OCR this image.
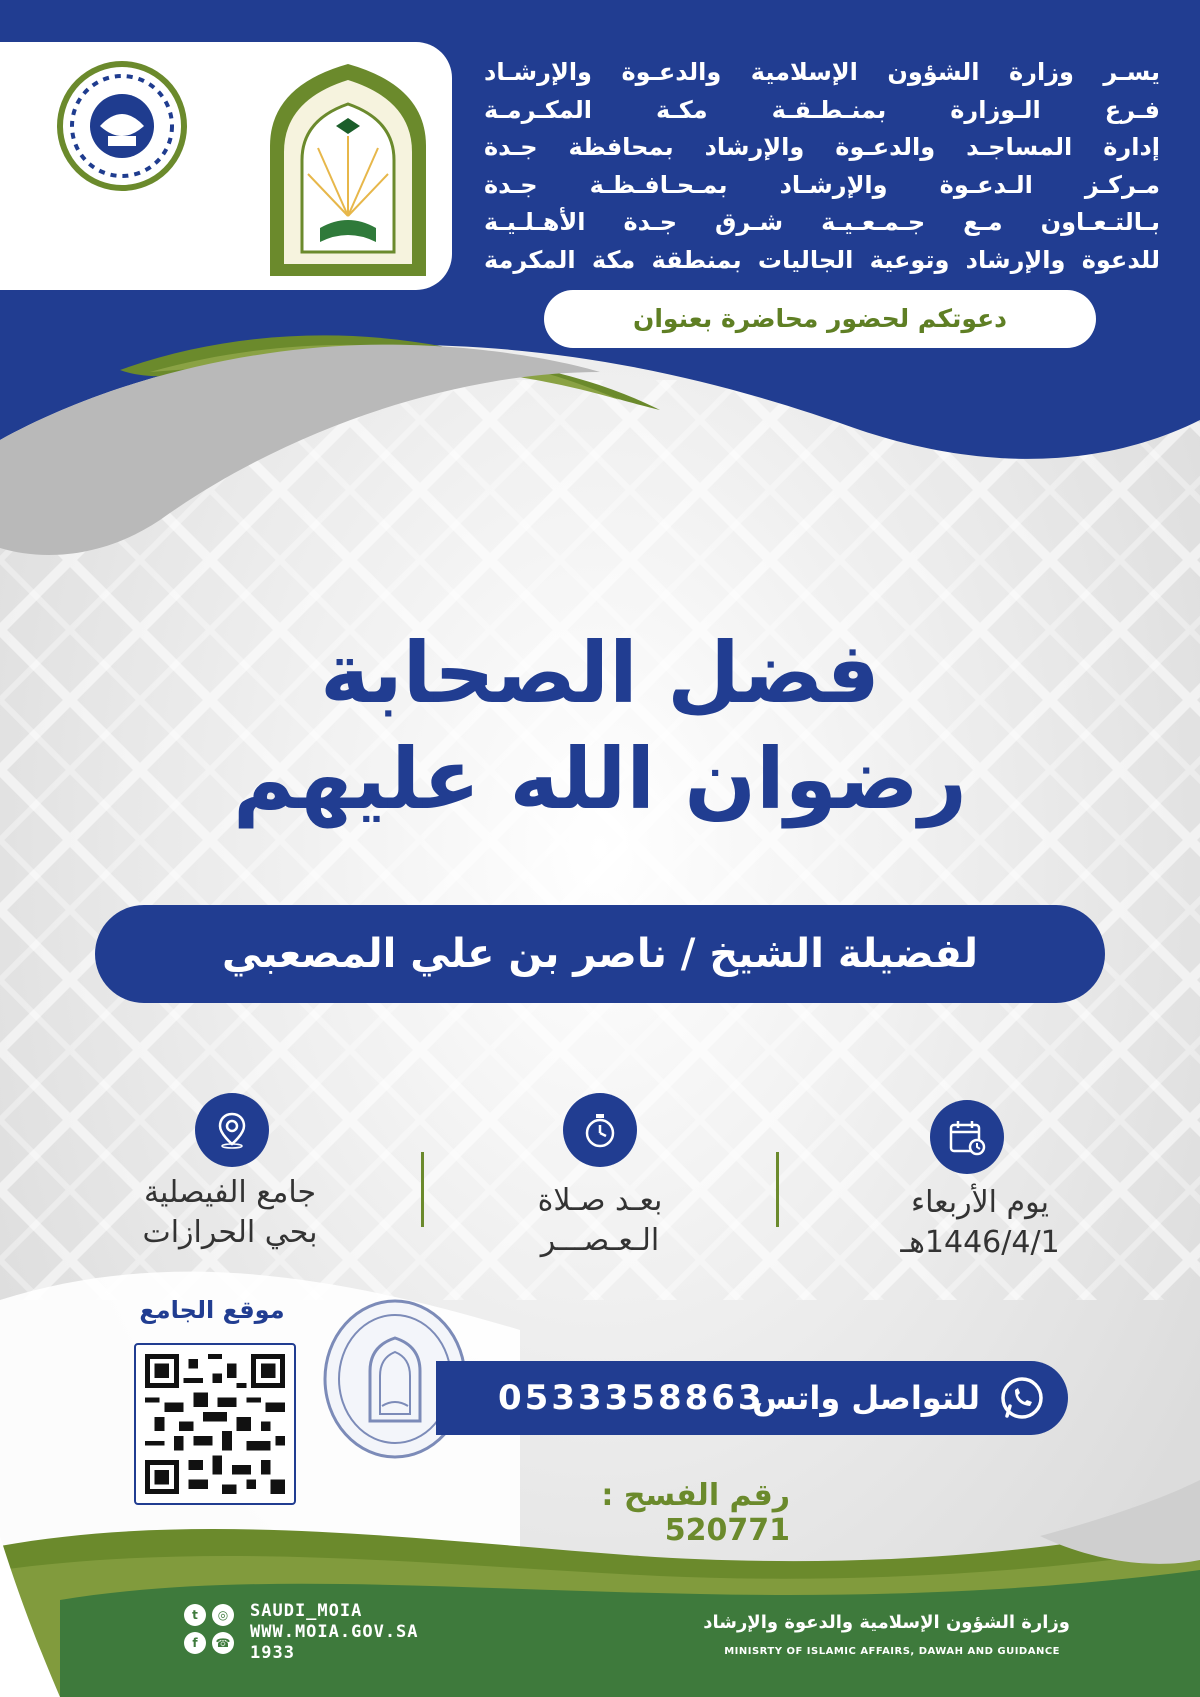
يسـر وزارة الشؤون الإسلامية والدعـوة والإرشـاد
فـرع الـوزارة بمنـطـقـة مكـة المكـرمـة
إدارة المساجـد والدعـوة والإرشاد بمحافظة جـدة
مـركـز الـدعـوة والإرشـاد بمـحـافـظـة جـدة
بـالتـعـاون مـع جـمـعـيـة شـرق جـدة الأهـلـيـة
للدعوة والإرشاد وتوعية الجاليات بمنطقة مكة المكرمة
دعوتكم لحضور محاضرة بعنوان
فضل الصحابة
رضوان الله عليهم
لفضيلة الشيخ / ناصر بن علي المصعبي
يوم الأربعاء
1446/4/1هـ
بعـد صـلاة
الـعـصـــر
جامع الفيصلية
بحي الحرازات
موقع الجامع
للتواصل واتس
0533358863
رقم الفسح : 520771
t	◎
f	☎
SAUDI_MOIA
WWW.MOIA.GOV.SA
1933
وزارة الشؤون الإسلامية والدعوة والإرشاد
MINISRTY OF ISLAMIC AFFAIRS, DAWAH AND GUIDANCE
